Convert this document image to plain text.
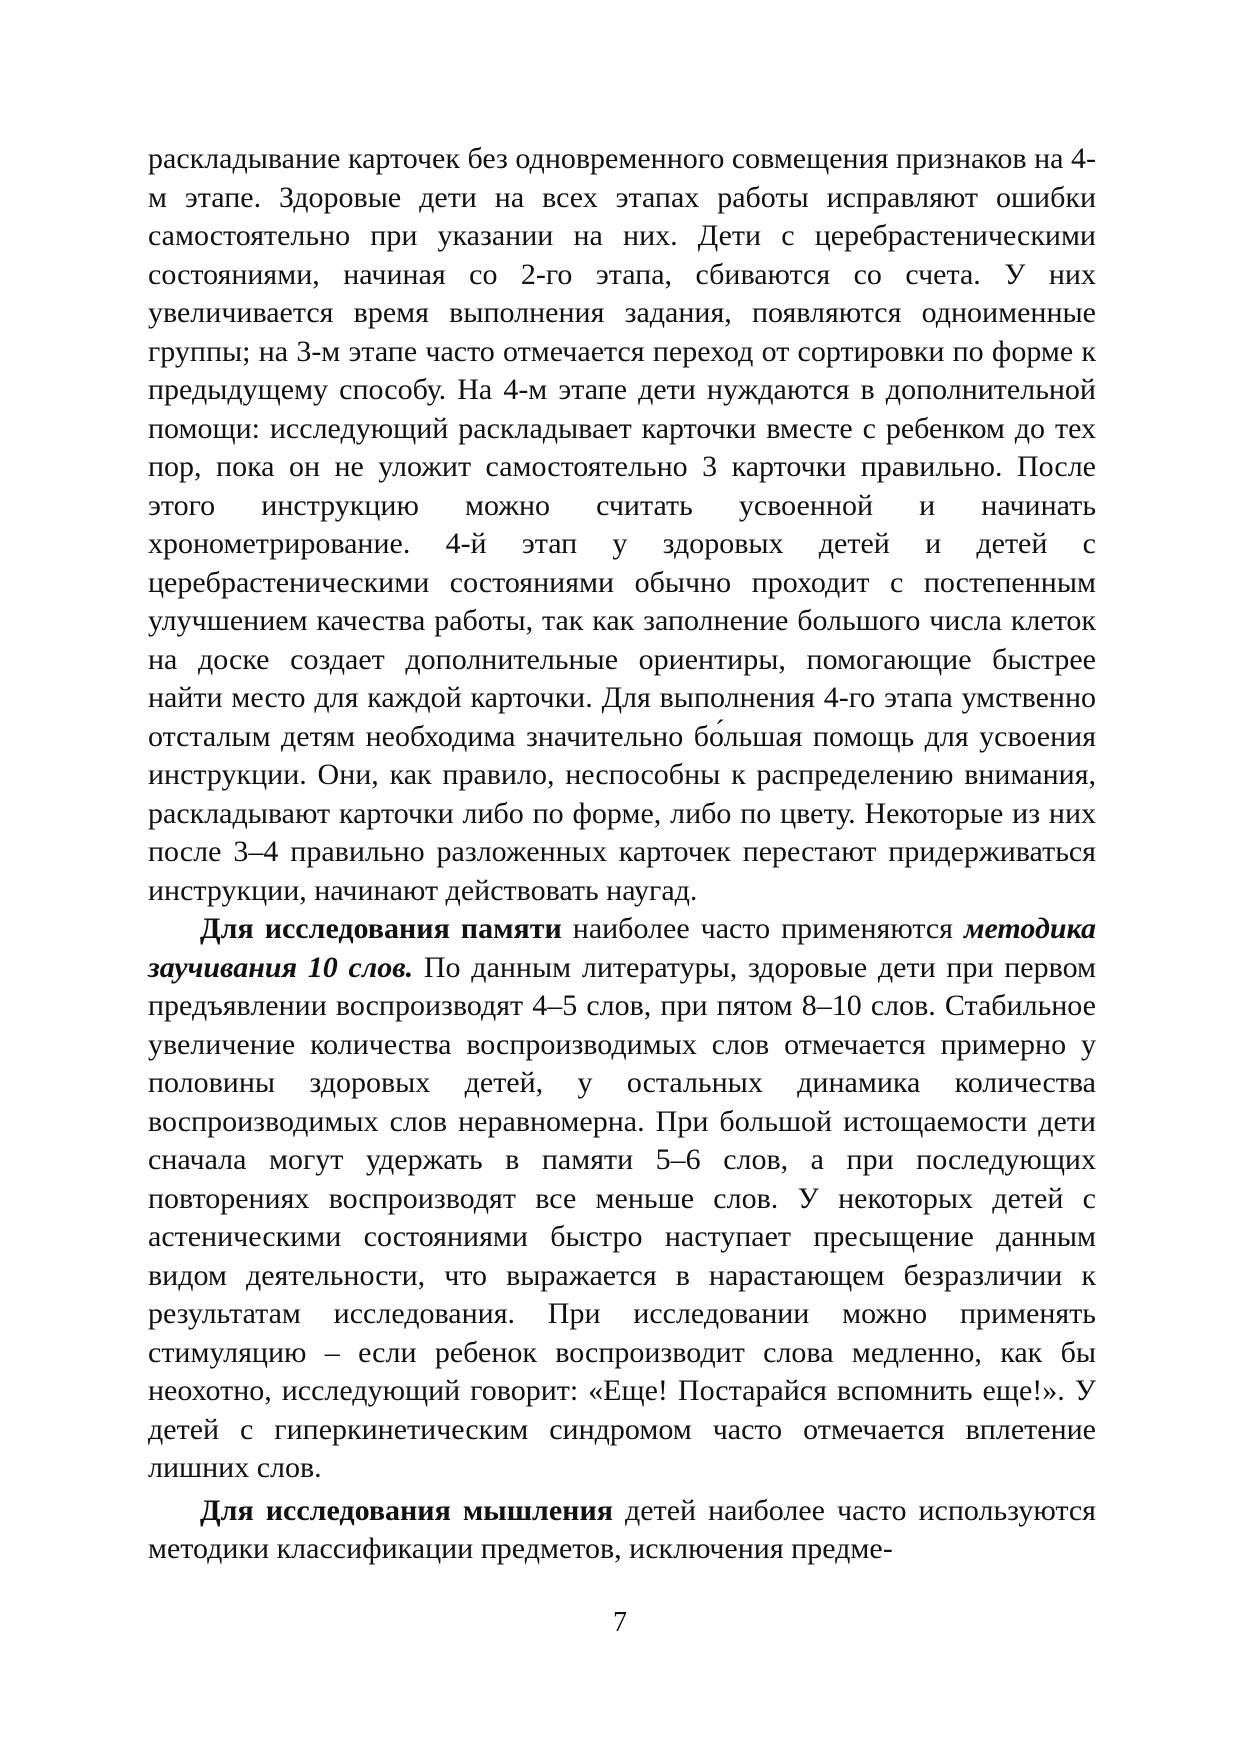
раскладывание карточек без одновременного совмещения признаков на 4-м этапе. Здоровые дети на всех этапах работы исправляют ошибки самостоятельно при указании на них. Дети с церебрастеническими состояниями, начиная со 2-го этапа, сбиваются со счета. У них увеличивается время выполнения задания, появляются одноименные группы; на 3-м этапе часто отмечается переход от сортировки по форме к предыдущему способу. На 4-м этапе дети нуждаются в дополнительной помощи: исследующий раскладывает карточки вместе с ребенком до тех пор, пока он не уложит самостоятельно 3 карточки правильно. После этого инструкцию можно считать усвоенной и начинать хронометрирование. 4-й этап у здоровых детей и детей с церебрастеническими состояниями обычно проходит с постепенным улучшением качества работы, так как заполнение большого числа клеток на доске создает дополнительные ориентиры, помогающие быстрее найти место для каждой карточки. Для выполнения 4-го этапа умственно отсталым детям необходима значительно бо́льшая помощь для усвоения инструкции. Они, как правило, неспособны к распределению внимания, раскладывают карточки либо по форме, либо по цвету. Некоторые из них после 3–4 правильно разложенных карточек перестают придерживаться инструкции, начинают действовать наугад.

Для исследования памяти наиболее часто применяются методика заучивания 10 слов. По данным литературы, здоровые дети при первом предъявлении воспроизводят 4–5 слов, при пятом 8–10 слов. Стабильное увеличение количества воспроизводимых слов отмечается примерно у половины здоровых детей, у остальных динамика количества воспроизводимых слов неравномерна. При большой истощаемости дети сначала могут удержать в памяти 5–6 слов, а при последующих повторениях воспроизводят все меньше слов. У некоторых детей с астеническими состояниями быстро наступает пресыщение данным видом деятельности, что выражается в нарастающем безразличии к результатам исследования. При исследовании можно применять стимуляцию – если ребенок воспроизводит слова медленно, как бы неохотно, исследующий говорит: «Еще! Постарайся вспомнить еще!». У детей с гиперкинетическим синдромом часто отмечается вплетение лишних слов.

Для исследования мышления детей наиболее часто используются методики классификации предметов, исключения предме-

7
